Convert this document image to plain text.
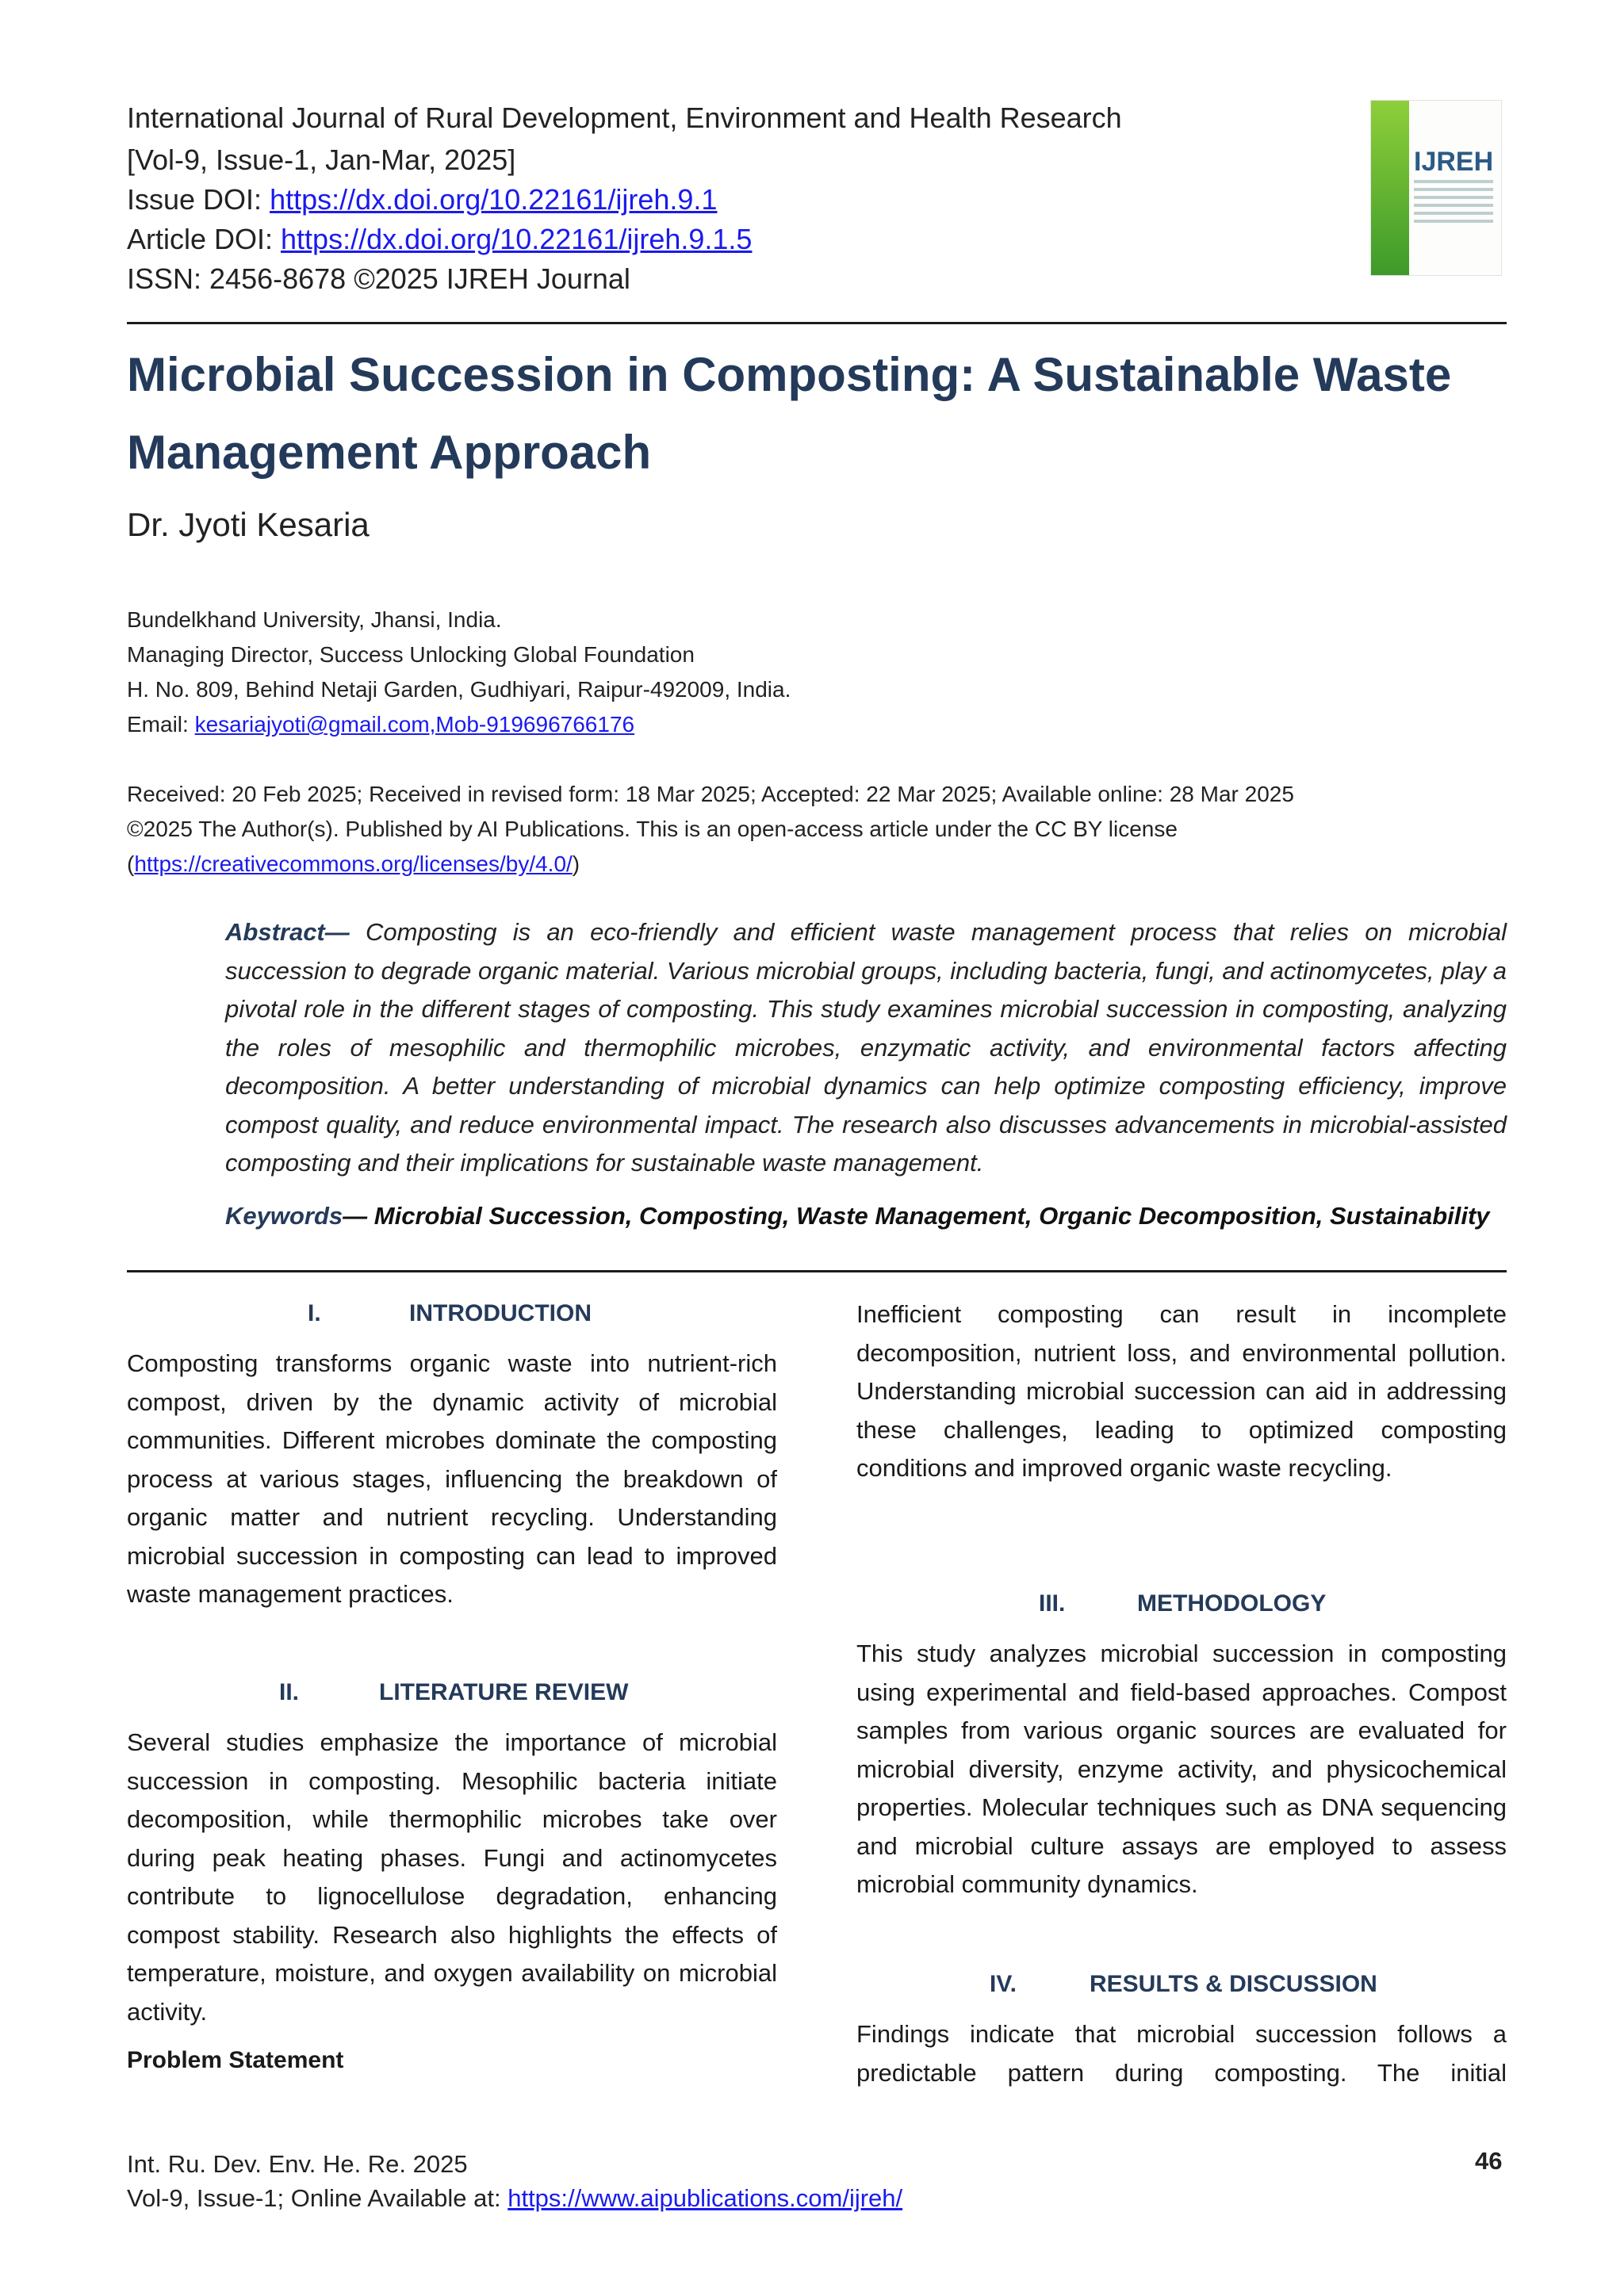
International Journal of Rural Development, Environment and Health Research
[Vol-9, Issue-1, Jan-Mar, 2025]
Issue DOI: https://dx.doi.org/10.22161/ijreh.9.1
Article DOI: https://dx.doi.org/10.22161/ijreh.9.1.5
ISSN: 2456-8678 ©2025 IJREH Journal
IJREH
Microbial Succession in Composting: A Sustainable Waste Management Approach
Dr. Jyoti Kesaria
Bundelkhand University, Jhansi, India.
Managing Director, Success Unlocking Global Foundation
H. No. 809, Behind Netaji Garden, Gudhiyari, Raipur-492009, India.
Email: kesariajyoti@gmail.com,Mob-919696766176
Received: 20 Feb 2025; Received in revised form: 18 Mar 2025; Accepted: 22 Mar 2025; Available online: 28 Mar 2025
©2025 The Author(s). Published by AI Publications. This is an open-access article under the CC BY license
(https://creativecommons.org/licenses/by/4.0/)
Abstract— Composting is an eco-friendly and efficient waste management process that relies on microbial succession to degrade organic material. Various microbial groups, including bacteria, fungi, and actinomycetes, play a pivotal role in the different stages of composting. This study examines microbial succession in composting, analyzing the roles of mesophilic and thermophilic microbes, enzymatic activity, and environmental factors affecting decomposition. A better understanding of microbial dynamics can help optimize composting efficiency, improve compost quality, and reduce environmental impact. The research also discusses advancements in microbial-assisted composting and their implications for sustainable waste management.
Keywords— Microbial Succession, Composting, Waste Management, Organic Decomposition, Sustainability
I.	INTRODUCTION
Composting transforms organic waste into nutrient-rich compost, driven by the dynamic activity of microbial communities. Different microbes dominate the composting process at various stages, influencing the breakdown of organic matter and nutrient recycling. Understanding microbial succession in composting can lead to improved waste management practices.
II.	LITERATURE REVIEW
Several studies emphasize the importance of microbial succession in composting. Mesophilic bacteria initiate decomposition, while thermophilic microbes take over during peak heating phases. Fungi and actinomycetes contribute to lignocellulose degradation, enhancing compost stability. Research also highlights the effects of temperature, moisture, and oxygen availability on microbial activity.
Problem Statement
Inefficient composting can result in incomplete decomposition, nutrient loss, and environmental pollution. Understanding microbial succession can aid in addressing these challenges, leading to optimized composting conditions and improved organic waste recycling.
III.	METHODOLOGY
This study analyzes microbial succession in composting using experimental and field-based approaches. Compost samples from various organic sources are evaluated for microbial diversity, enzyme activity, and physicochemical properties. Molecular techniques such as DNA sequencing and microbial culture assays are employed to assess microbial community dynamics.
IV.	RESULTS & DISCUSSION
Findings indicate that microbial succession follows a predictable pattern during composting. The initial
Int. Ru. Dev. Env. He. Re. 2025
Vol-9, Issue-1; Online Available at: https://www.aipublications.com/ijreh/
46
